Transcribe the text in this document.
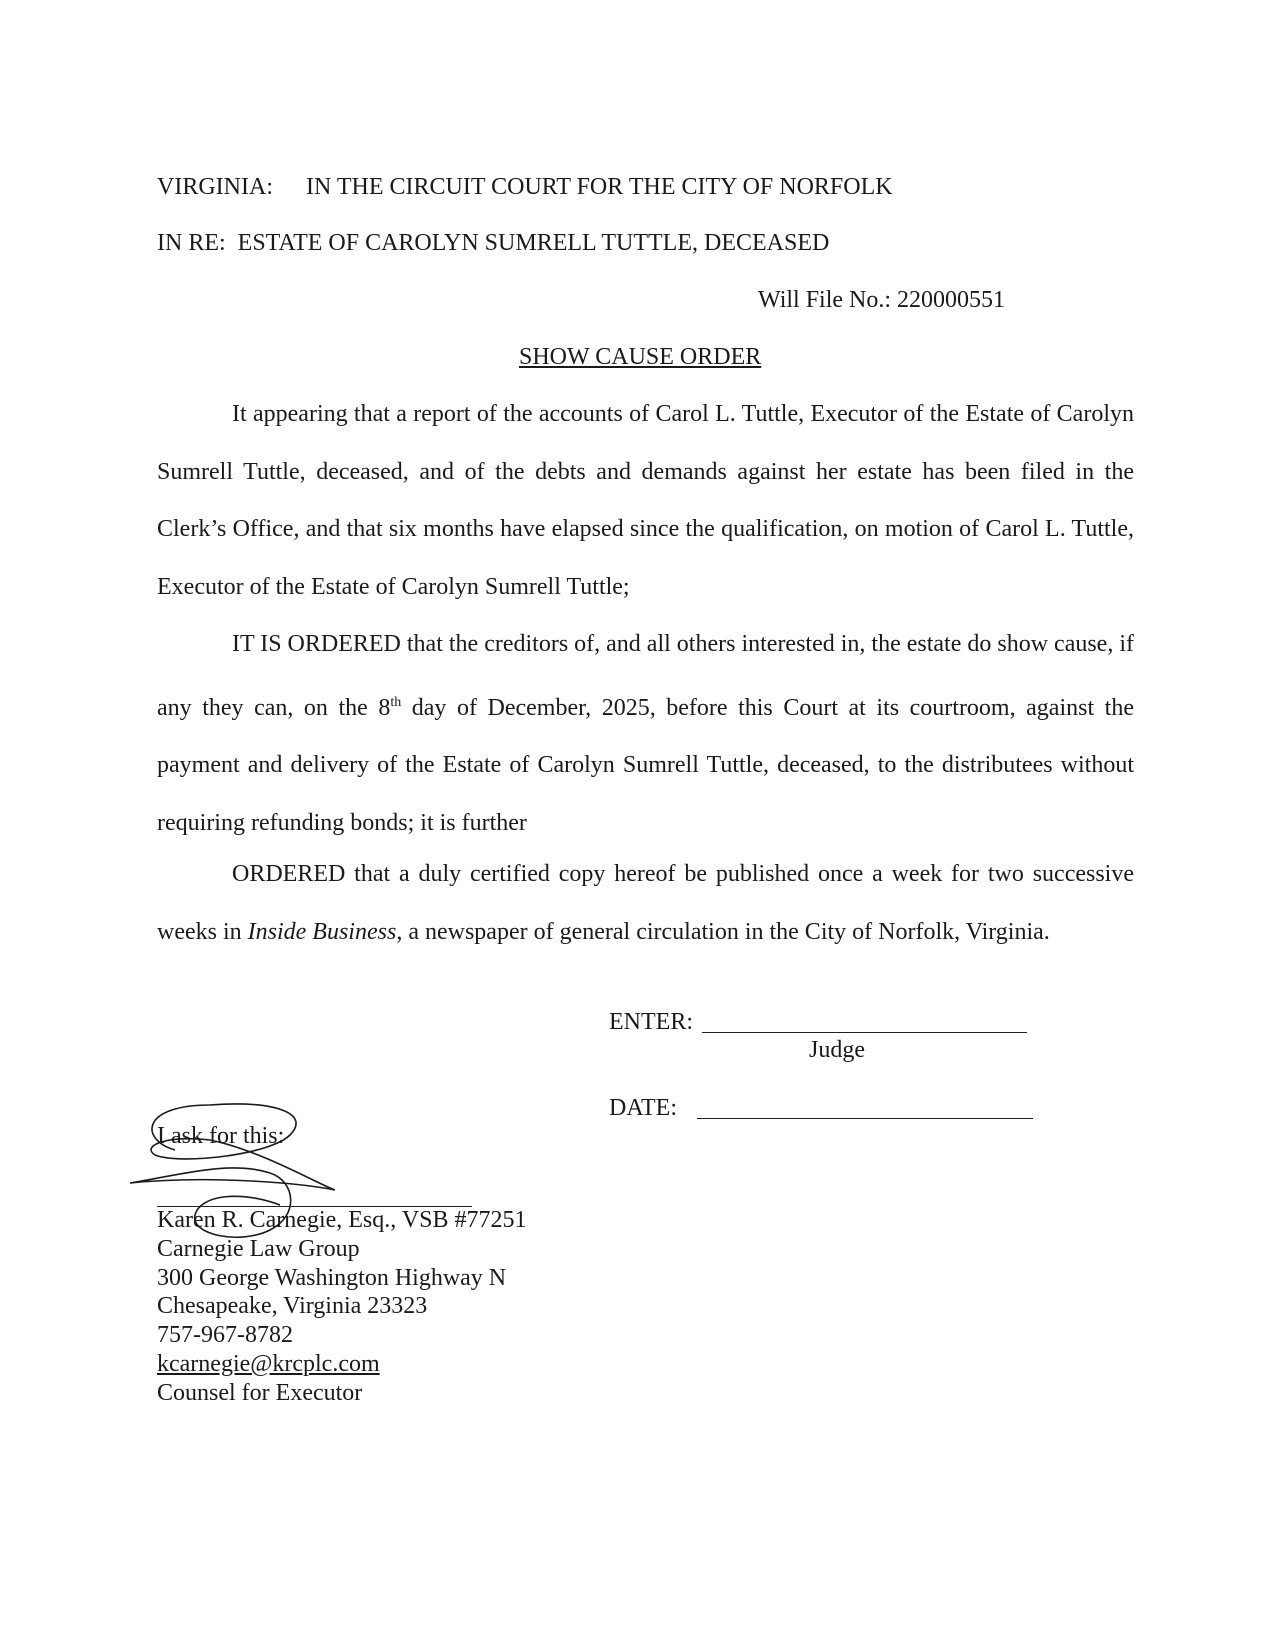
VIRGINIA: IN THE CIRCUIT COURT FOR THE CITY OF NORFOLK
IN RE:  ESTATE OF CAROLYN SUMRELL TUTTLE, DECEASED
Will File No.: 220000551
SHOW CAUSE ORDER

It appearing that a report of the accounts of Carol L. Tuttle, Executor of the Estate of Carolyn Sumrell Tuttle, deceased, and of the debts and demands against her estate has been filed in the Clerk’s Office, and that six months have elapsed since the qualification, on motion of Carol L. Tuttle, Executor of the Estate of Carolyn Sumrell Tuttle;

IT IS ORDERED that the creditors of, and all others interested in, the estate do show cause, if any they can, on the 8th day of December, 2025, before this Court at its courtroom, against the payment and delivery of the Estate of Carolyn Sumrell Tuttle, deceased, to the distributees without requiring refunding bonds; it is further

ORDERED that a duly certified copy hereof be published once a week for two successive weeks in Inside Business, a newspaper of general circulation in the City of Norfolk, Virginia.

ENTER:
Judge
DATE:
I ask for this:
Karen R. Carnegie, Esq., VSB #77251
Carnegie Law Group
300 George Washington Highway N
Chesapeake, Virginia 23323
757-967-8782
kcarnegie@krcplc.com
Counsel for Executor
